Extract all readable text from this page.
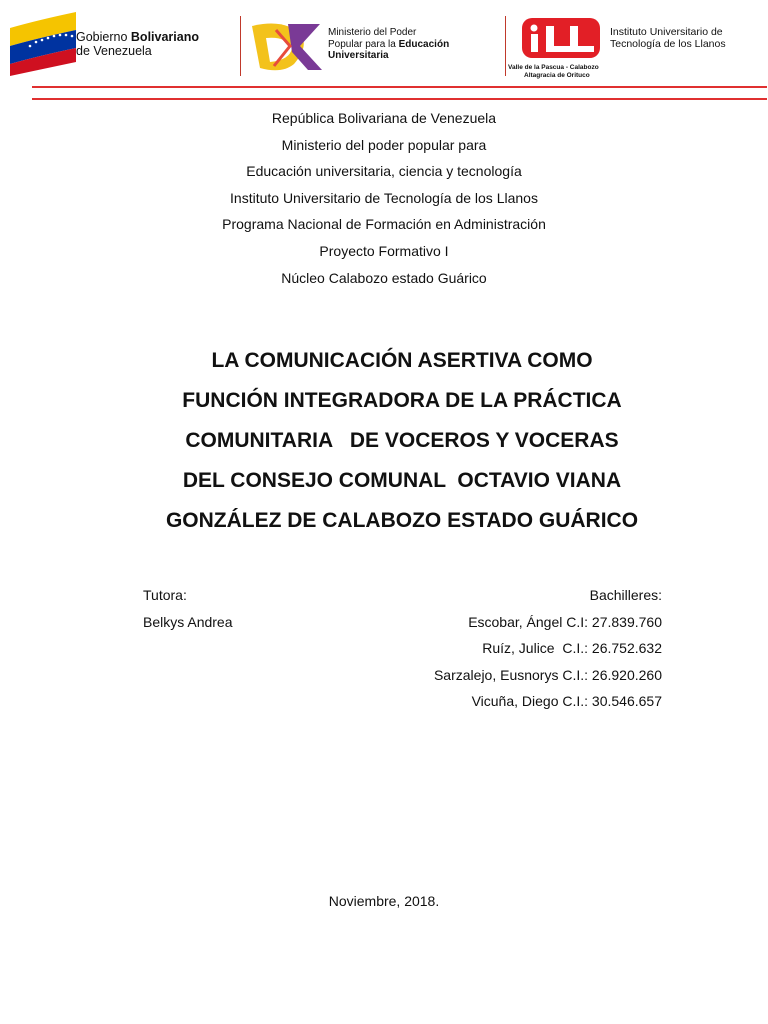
Gobierno Bolivariano
de Venezuela
Ministerio del Poder
Popular para la Educación
Universitaria
Instituto Universitario de
Tecnología de los Llanos
Valle de la Pascua - Calabozo
Altagracia de Orituco
República Bolivariana de Venezuela
Ministerio del poder popular para
Educación universitaria, ciencia y tecnología
Instituto Universitario de Tecnología de los Llanos
Programa Nacional de Formación en Administración
Proyecto Formativo I
Núcleo Calabozo estado Guárico
LA COMUNICACIÓN ASERTIVA COMO
FUNCIÓN INTEGRADORA DE LA PRÁCTICA
COMUNITARIA   DE VOCEROS Y VOCERAS
DEL CONSEJO COMUNAL  OCTAVIO VIANA
GONZÁLEZ DE CALABOZO ESTADO GUÁRICO
Tutora:
Belkys Andrea
Bachilleres:
Escobar, Ángel C.I: 27.839.760
Ruíz, Julice  C.I.: 26.752.632
Sarzalejo, Eusnorys C.I.: 26.920.260
Vicuña, Diego C.I.: 30.546.657
Noviembre, 2018.
